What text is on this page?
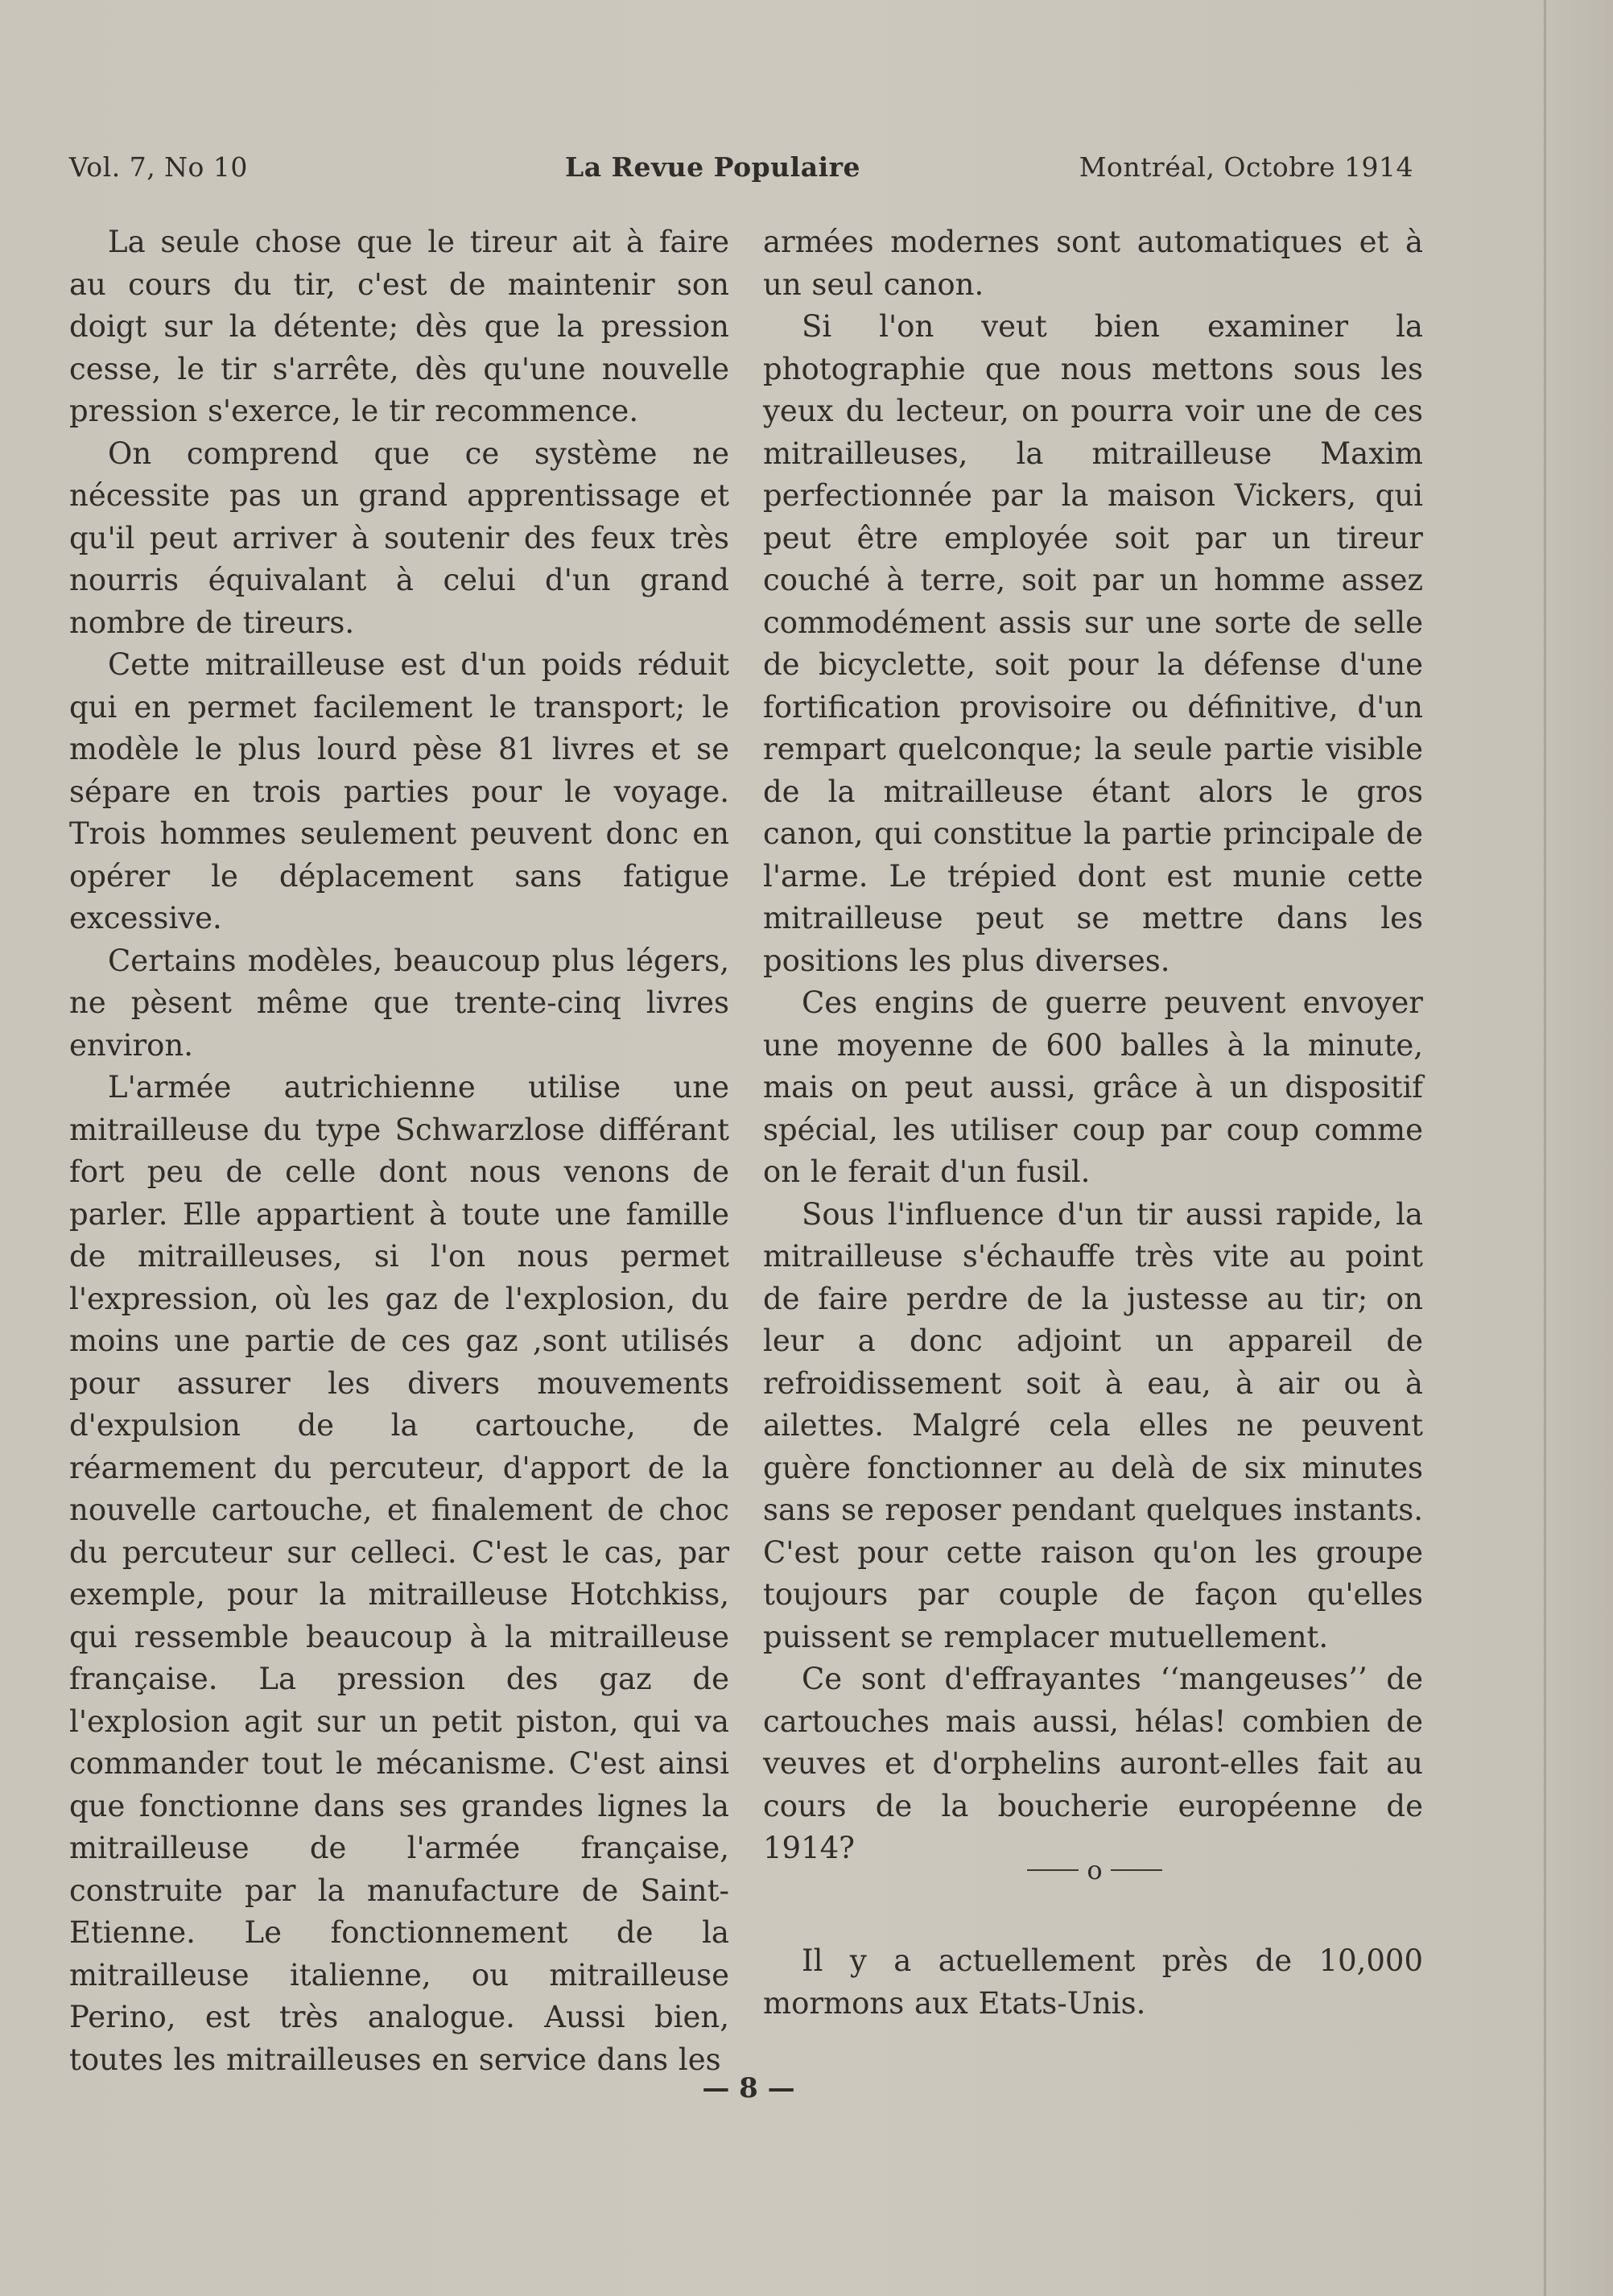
Vol. 7, No 10	La Revue Populaire	Montréal, Octobre 1914

La seule chose que le tireur ait à faire au cours du tir, c'est de maintenir son doigt sur la détente; dès que la pression cesse, le tir s'arrête, dès qu'une nouvelle pression s'exerce, le tir recommence.

On comprend que ce système ne nécessite pas un grand apprentissage et qu'il peut arriver à soutenir des feux très nourris équivalant à celui d'un grand nombre de tireurs.

Cette mitrailleuse est d'un poids réduit qui en permet facilement le transport; le modèle le plus lourd pèse 81 livres et se sépare en trois parties pour le voyage. Trois hommes seulement peuvent donc en opérer le déplacement sans fatigue excessive.

Certains modèles, beaucoup plus légers, ne pèsent même que trente-cinq livres environ.

L'armée autrichienne utilise une mitrailleuse du type Schwarzlose différant fort peu de celle dont nous venons de parler. Elle appartient à toute une famille de mitrailleuses, si l'on nous permet l'expression, où les gaz de l'explosion, du moins une partie de ces gaz ,sont utilisés pour assurer les divers mouvements d'expulsion de la cartouche, de réarmement du percuteur, d'apport de la nouvelle cartouche, et finalement de choc du percuteur sur celleci. C'est le cas, par exemple, pour la mitrailleuse Hotchkiss, qui ressemble beaucoup à la mitrailleuse française. La pression des gaz de l'explosion agit sur un petit piston, qui va commander tout le mécanisme. C'est ainsi que fonctionne dans ses grandes lignes la mitrailleuse de l'armée française, construite par la manufacture de Saint-Etienne. Le fonctionnement de la mitrailleuse italienne, ou mitrailleuse Perino, est très analogue. Aussi bien, toutes les mitrailleuses en service dans les

armées modernes sont automatiques et à un seul canon.

Si l'on veut bien examiner la photographie que nous mettons sous les yeux du lecteur, on pourra voir une de ces mitrailleuses, la mitrailleuse Maxim perfectionnée par la maison Vickers, qui peut être employée soit par un tireur couché à terre, soit par un homme assez commodément assis sur une sorte de selle de bicyclette, soit pour la défense d'une fortification provisoire ou définitive, d'un rempart quelconque; la seule partie visible de la mitrailleuse étant alors le gros canon, qui constitue la partie principale de l'arme. Le trépied dont est munie cette mitrailleuse peut se mettre dans les positions les plus diverses.

Ces engins de guerre peuvent envoyer une moyenne de 600 balles à la minute, mais on peut aussi, grâce à un dispositif spécial, les utiliser coup par coup comme on le ferait d'un fusil.

Sous l'influence d'un tir aussi rapide, la mitrailleuse s'échauffe très vite au point de faire perdre de la justesse au tir; on leur a donc adjoint un appareil de refroidissement soit à eau, à air ou à ailettes. Malgré cela elles ne peuvent guère fonctionner au delà de six minutes sans se reposer pendant quelques instants. C'est pour cette raison qu'on les groupe toujours par couple de façon qu'elles puissent se remplacer mutuellement.

Ce sont d'effrayantes ‘‘mangeuses’’ de cartouches mais aussi, hélas! combien de veuves et d'orphelins auront-elles fait au cours de la boucherie européenne de 1914?

o

Il y a actuellement près de 10,000 mormons aux Etats-Unis.

— 8 —
